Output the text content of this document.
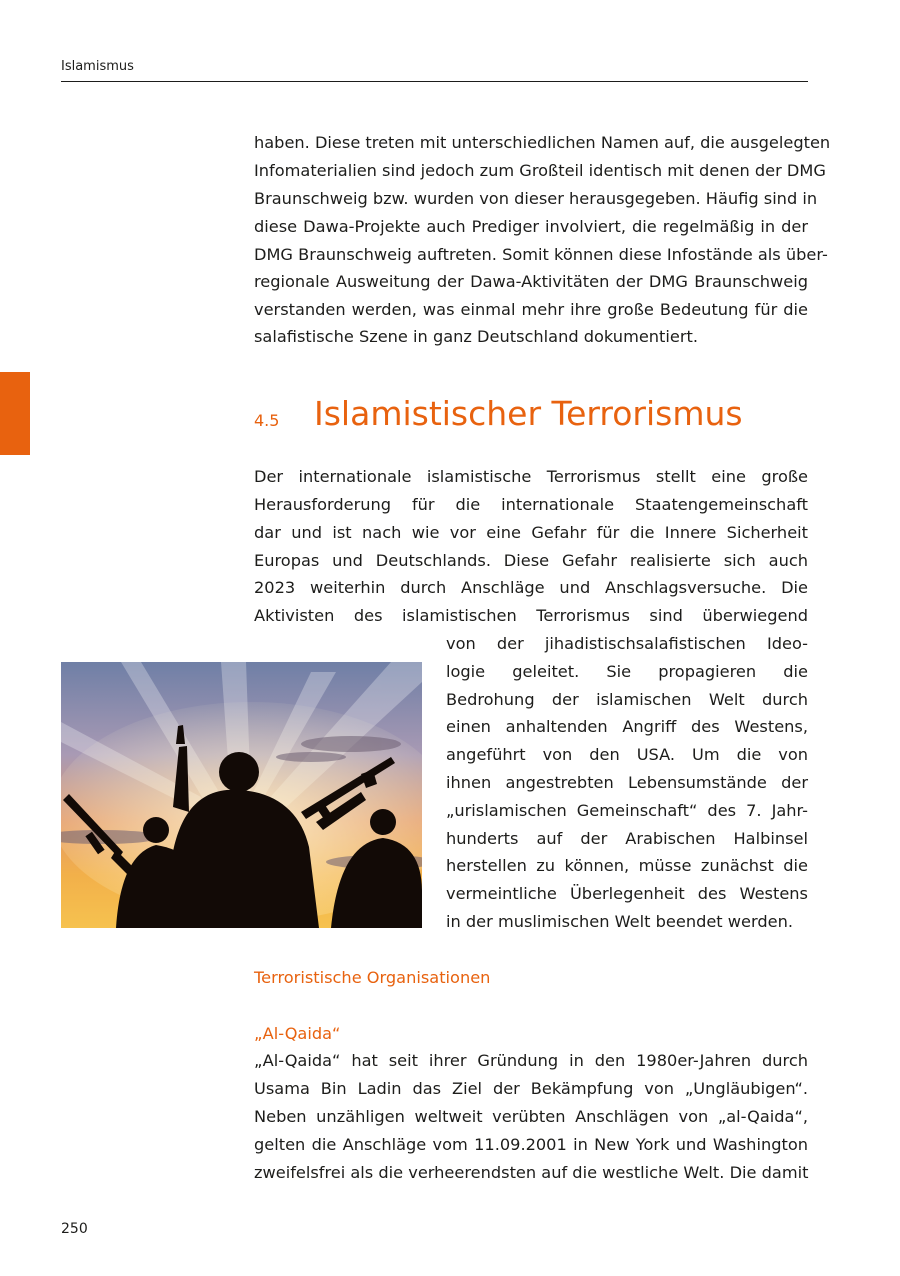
Islamismus
haben. Diese treten mit unterschiedlichen Namen auf, die ausgelegten
Infomaterialien sind jedoch zum Großteil identisch mit denen der DMG
Braunschweig bzw. wurden von dieser herausgegeben. Häufig sind in
diese Dawa-Projekte auch Prediger involviert, die regelmäßig in der
DMG Braunschweig auftreten. Somit können diese Infostände als über-
regionale Ausweitung der Dawa-Aktivitäten der DMG Braunschweig
verstanden werden, was einmal mehr ihre große Bedeutung für die
salafistische Szene in ganz Deutschland dokumentiert.
4.5 Islamistischer Terrorismus
Der internationale islamistische Terrorismus stellt eine große
Herausforderung für die internationale Staatengemeinschaft
dar und ist nach wie vor eine Gefahr für die Innere Sicherheit
Europas und Deutschlands. Diese Gefahr realisierte sich auch
2023 weiterhin durch Anschläge und Anschlagsversuche. Die
Aktivisten des islamistischen Terrorismus sind überwiegend
von der jihadistischsalafistischen Ideo-
logie geleitet. Sie propagieren die
Bedrohung der islamischen Welt durch
einen anhaltenden Angriff des Westens,
angeführt von den USA. Um die von
ihnen angestrebten Lebensumstände der
„urislamischen Gemeinschaft“ des 7. Jahr-
hunderts auf der Arabischen Halbinsel
herstellen zu können, müsse zunächst die
vermeintliche Überlegenheit des Westens
in der muslimischen Welt beendet werden.
Terroristische Organisationen
„Al-Qaida“
„Al-Qaida“ hat seit ihrer Gründung in den 1980er-Jahren durch
Usama Bin Ladin das Ziel der Bekämpfung von „Ungläubigen“.
Neben unzähligen weltweit verübten Anschlägen von „al-Qaida“,
gelten die Anschläge vom 11.09.2001 in New York und Washington
zweifelsfrei als die verheerendsten auf die westliche Welt. Die damit
250
